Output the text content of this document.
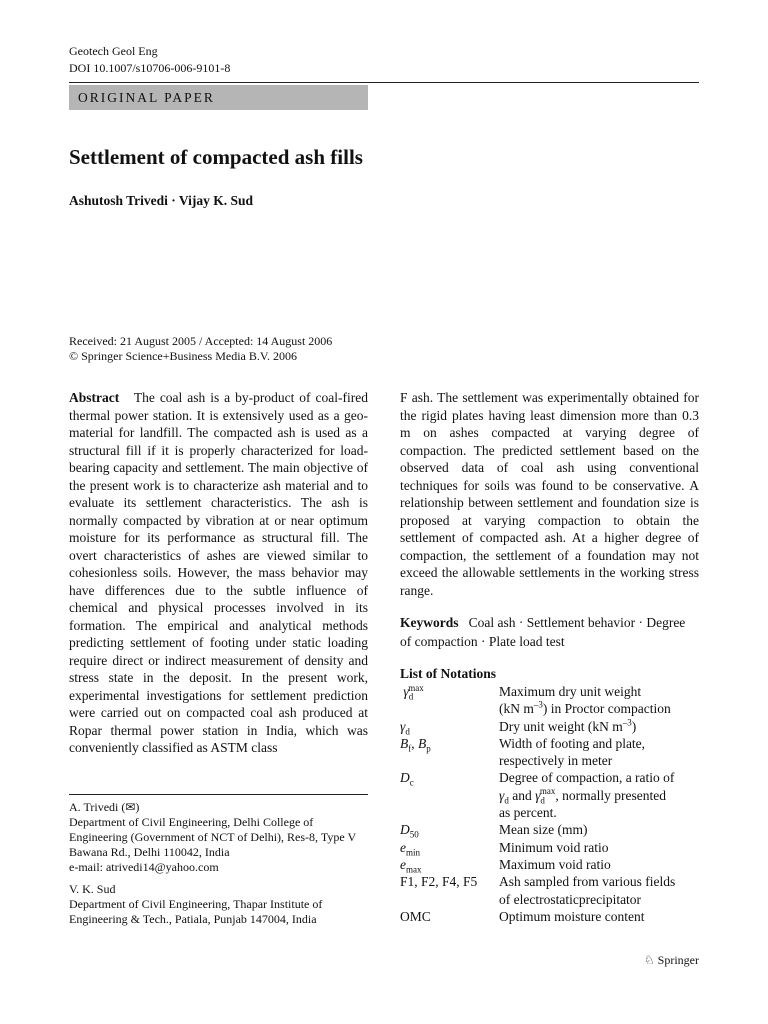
Geotech Geol Eng
DOI 10.1007/s10706-006-9101-8
ORIGINAL PAPER
Settlement of compacted ash fills
Ashutosh Trivedi · Vijay K. Sud
Received: 21 August 2005 / Accepted: 14 August 2006
© Springer Science+Business Media B.V. 2006
Abstract The coal ash is a by-product of coal-fired thermal power station. It is extensively used as a geo-material for landfill. The compacted ash is used as a structural fill if it is properly characterized for load-bearing capacity and settlement. The main objective of the present work is to characterize ash material and to evaluate its settlement characteristics. The ash is normally compacted by vibration at or near optimum moisture for its performance as structural fill. The overt characteristics of ashes are viewed similar to cohesionless soils. However, the mass behavior may have differences due to the subtle influence of chemical and physical processes involved in its formation. The empirical and analytical methods predicting settlement of footing under static loading require direct or indirect measurement of density and stress state in the deposit. In the present work, experimental investigations for settlement prediction were carried out on compacted coal ash produced at Ropar thermal power station in India, which was conveniently classified as ASTM class
F ash. The settlement was experimentally obtained for the rigid plates having least dimension more than 0.3 m on ashes compacted at varying degree of compaction. The predicted settlement based on the observed data of coal ash using conventional techniques for soils was found to be conservative. A relationship between settlement and foundation size is proposed at varying compaction to obtain the settlement of compacted ash. At a higher degree of compaction, the settlement of a foundation may not exceed the allowable settlements in the working stress range.
Keywords Coal ash · Settlement behavior · Degree of compaction · Plate load test
List of Notations
$\gamma_d^{max}$	Maximum dry unit weight
(kN $m^{-3}$) in Proctor compaction
$\gamma_d$	Dry unit weight (kN $m^{-3}$)
$B_f$, $B_p$	Width of footing and plate,
respectively in meter
$D_c$	Degree of compaction, a ratio of
$\gamma_d$ and $\gamma_d^{max}$, normally presented
as percent.
$D_{50}$	Mean size (mm)
$e_{min}$	Minimum void ratio
$e_{max}$	Maximum void ratio
F1, F2, F4, F5	Ash sampled from various fields
of electrostaticprecipitator
OMC	Optimum moisture content
A. Trivedi (✉)
Department of Civil Engineering, Delhi College of Engineering (Government of NCT of Delhi), Res-8, Type V Bawana Rd., Delhi 110042, India
e-mail: atrivedi14@yahoo.com
V. K. Sud
Department of Civil Engineering, Thapar Institute of Engineering & Tech., Patiala, Punjab 147004, India
♘ Springer
